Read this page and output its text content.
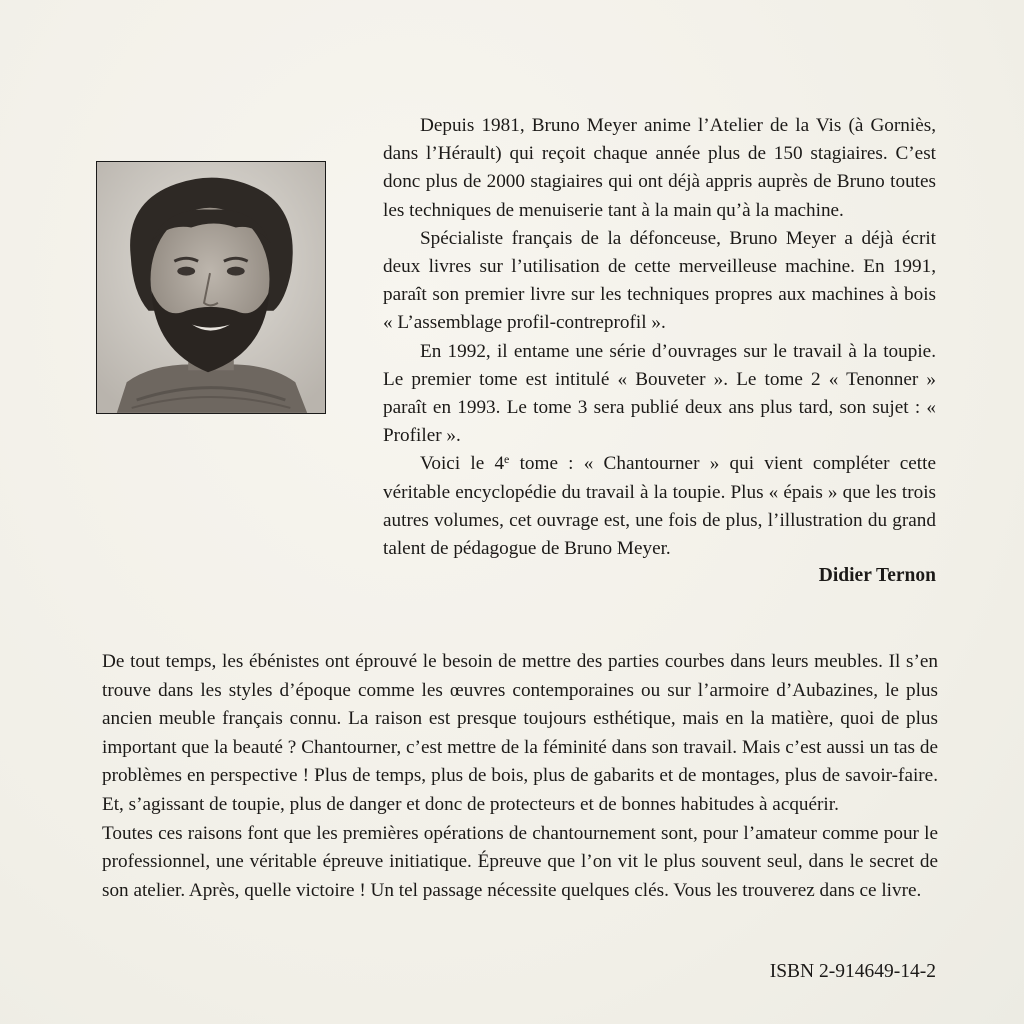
Depuis 1981, Bruno Meyer anime l’Atelier de la Vis (à Gorniès, dans l’Hérault) qui reçoit chaque année plus de 150 stagiaires. C’est donc plus de 2000 stagiaires qui ont déjà appris auprès de Bruno toutes les techniques de menuiserie tant à la main qu’à la machine.

Spécialiste français de la défonceuse, Bruno Meyer a déjà écrit deux livres sur l’utilisation de cette merveilleuse machine. En 1991, paraît son premier livre sur les techniques propres aux machines à bois « L’assemblage profil-contreprofil ».

En 1992, il entame une série d’ouvrages sur le travail à la toupie. Le premier tome est intitulé « Bouveter ». Le tome 2 « Tenonner » paraît en 1993. Le tome 3 sera publié deux ans plus tard, son sujet : « Profiler ».

Voici le 4e tome : « Chantourner » qui vient compléter cette véritable encyclopédie du travail à la toupie. Plus « épais » que les trois autres volumes, cet ouvrage est, une fois de plus, l’illustration du grand talent de pédagogue de Bruno Meyer.

Didier Ternon

De tout temps, les ébénistes ont éprouvé le besoin de mettre des parties courbes dans leurs meubles. Il s’en trouve dans les styles d’époque comme les œuvres contemporaines ou sur l’armoire d’Aubazines, le plus ancien meuble français connu. La raison est presque toujours esthétique, mais en la matière, quoi de plus important que la beauté ? Chantourner, c’est mettre de la féminité dans son travail. Mais c’est aussi un tas de problèmes en perspective ! Plus de temps, plus de bois, plus de gabarits et de montages, plus de savoir-faire. Et, s’agissant de toupie, plus de danger et donc de protecteurs et de bonnes habitudes à acquérir.

Toutes ces raisons font que les premières opérations de chantournement sont, pour l’amateur comme pour le professionnel, une véritable épreuve initiatique. Épreuve que l’on vit le plus souvent seul, dans le secret de son atelier. Après, quelle victoire ! Un tel passage nécessite quelques clés. Vous les trouverez dans ce livre.

ISBN 2-914649-14-2
